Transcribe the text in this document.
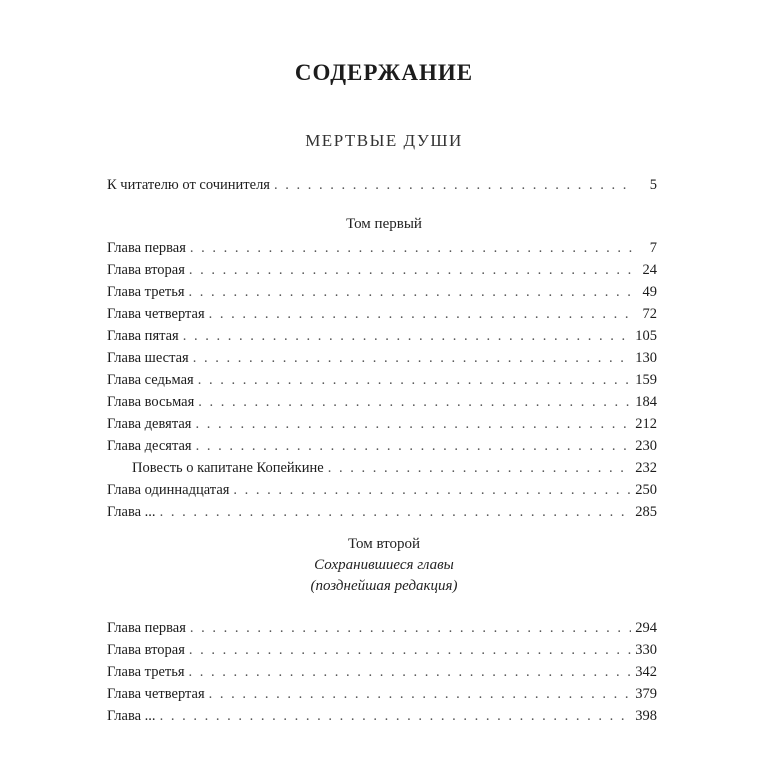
СОДЕРЖАНИЕ
МЕРТВЫЕ ДУШИ
К читателю от сочинителя . . .	5
Том первый
Глава первая . . .	7
Глава вторая . . .	24
Глава третья . . .	49
Глава четвертая . . .	72
Глава пятая . . .	105
Глава шестая . . .	130
Глава седьмая . . .	159
Глава восьмая . . .	184
Глава девятая . . .	212
Глава десятая . . .	230
Повесть о капитане Копейкине . . .	232
Глава одиннадцатая . . .	250
Глава ... . . .	285
Том второй
Сохранившиеся главы
(позднейшая редакция)
Глава первая . . .	294
Глава вторая . . .	330
Глава третья . . .	342
Глава четвертая . . .	379
Глава ... . . .	398
